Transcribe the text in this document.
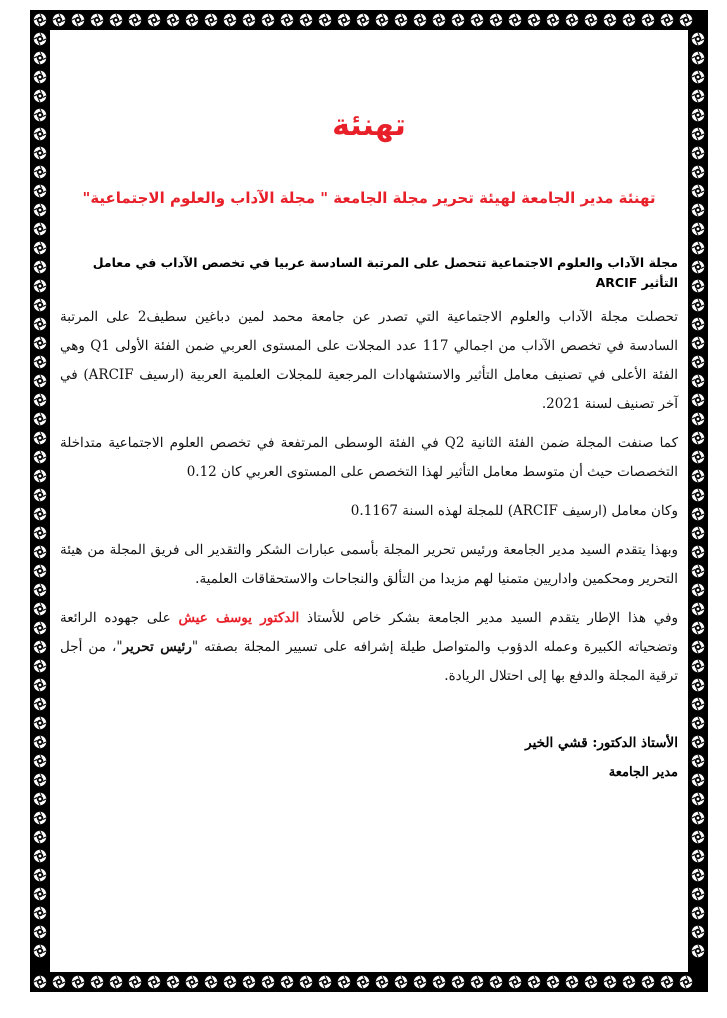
تهنئة
تهنئة مدير الجامعة لهيئة تحرير مجلة الجامعة " مجلة الآداب والعلوم الاجتماعية"
مجلة الآداب والعلوم الاجتماعية تتحصل على المرتبة السادسة عربيا في تخصص الآداب في معامل التأثير ARCIF

تحصلت مجلة الآداب والعلوم الاجتماعية التي تصدر عن جامعة محمد لمين دباغين سطيف2 على المرتبة السادسة في تخصص الآداب من اجمالي 117 عدد المجلات على المستوى العربي ضمن الفئة الأولى Q1 وهي الفئة الأعلى في تصنيف معامل التأثير والاستشهادات المرجعية للمجلات العلمية العربية (ارسيف ARCIF) في آخر تصنيف لسنة 2021.

كما صنفت المجلة ضمن الفئة الثانية Q2 في الفئة الوسطى المرتفعة في تخصص العلوم الاجتماعية متداخلة التخصصات حيث أن متوسط معامل التأثير لهذا التخصص على المستوى العربي كان 0.12

وكان معامل (ارسيف ARCIF) للمجلة لهذه السنة 0.1167

وبهذا يتقدم السيد مدير الجامعة ورئيس تحرير المجلة بأسمى عبارات الشكر والتقدير الى فريق المجلة من هيئة التحرير ومحكمين واداريين متمنيا لهم مزيدا من التألق والنجاحات والاستحقاقات العلمية.

وفي هذا الإطار يتقدم السيد مدير الجامعة بشكر خاص للأستاذ الدكتور يوسف عيش على جهوده الرائعة وتضحياته الكبيرة وعمله الدؤوب والمتواصل طيلة إشرافه على تسيير المجلة بصفته "رئيس تحرير"، من أجل ترقية المجلة والدفع بها إلى احتلال الريادة.

الأستاذ الدكتور: قشي الخير
مدير الجامعة
